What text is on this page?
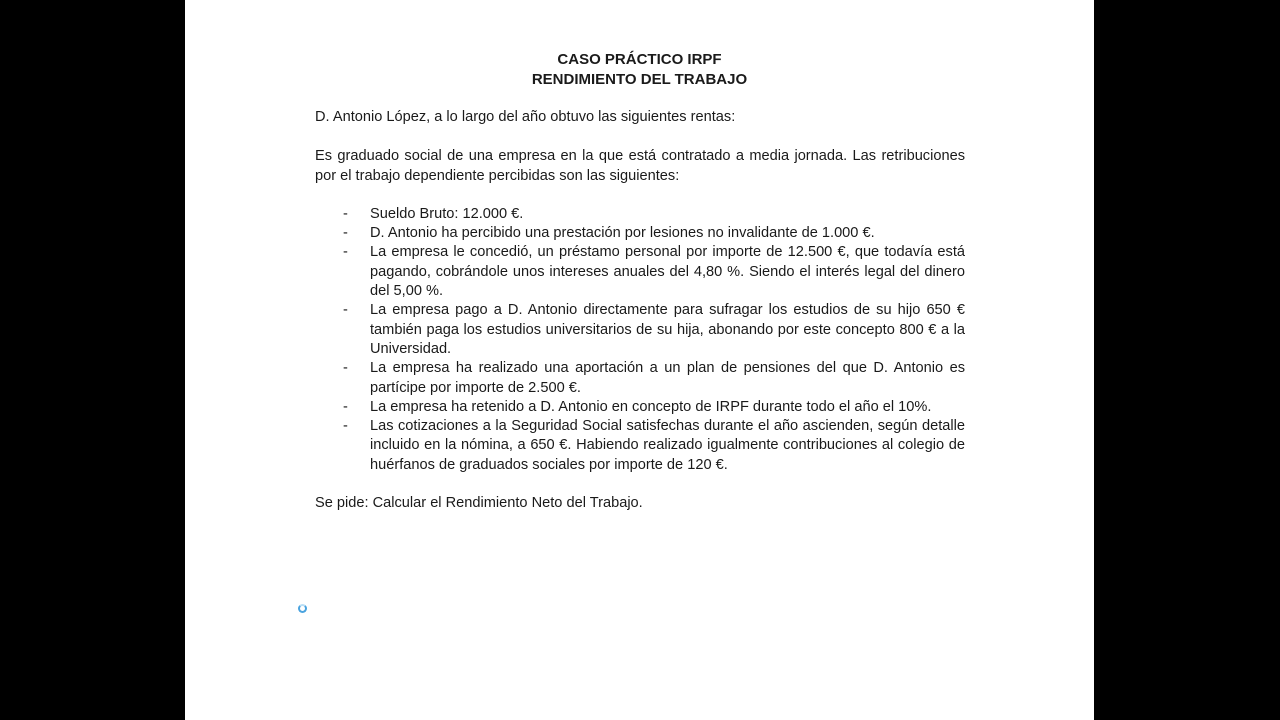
CASO PRÁCTICO IRPF
RENDIMIENTO DEL TRABAJO

D. Antonio López, a lo largo del año obtuvo las siguientes rentas:

Es graduado social de una empresa en la que está contratado a media jornada. Las retribuciones por el trabajo dependiente percibidas son las siguientes:

- Sueldo Bruto: 12.000 €.
- D. Antonio ha percibido una prestación por lesiones no invalidante de 1.000 €.
- La empresa le concedió, un préstamo personal por importe de 12.500 €, que todavía está pagando, cobrándole unos intereses anuales del 4,80 %. Siendo el interés legal del dinero del 5,00 %.
- La empresa pago a D. Antonio directamente para sufragar los estudios de su hijo 650 € también paga los estudios universitarios de su hija, abonando por este concepto 800 € a la Universidad.
- La empresa ha realizado una aportación a un plan de pensiones del que D. Antonio es partícipe por importe de 2.500 €.
- La empresa ha retenido a D. Antonio en concepto de IRPF durante todo el año el 10%.
- Las cotizaciones a la Seguridad Social satisfechas durante el año ascienden, según detalle incluido en la nómina, a 650 €. Habiendo realizado igualmente contribuciones al colegio de huérfanos de graduados sociales por importe de 120 €.

Se pide: Calcular el Rendimiento Neto del Trabajo.
